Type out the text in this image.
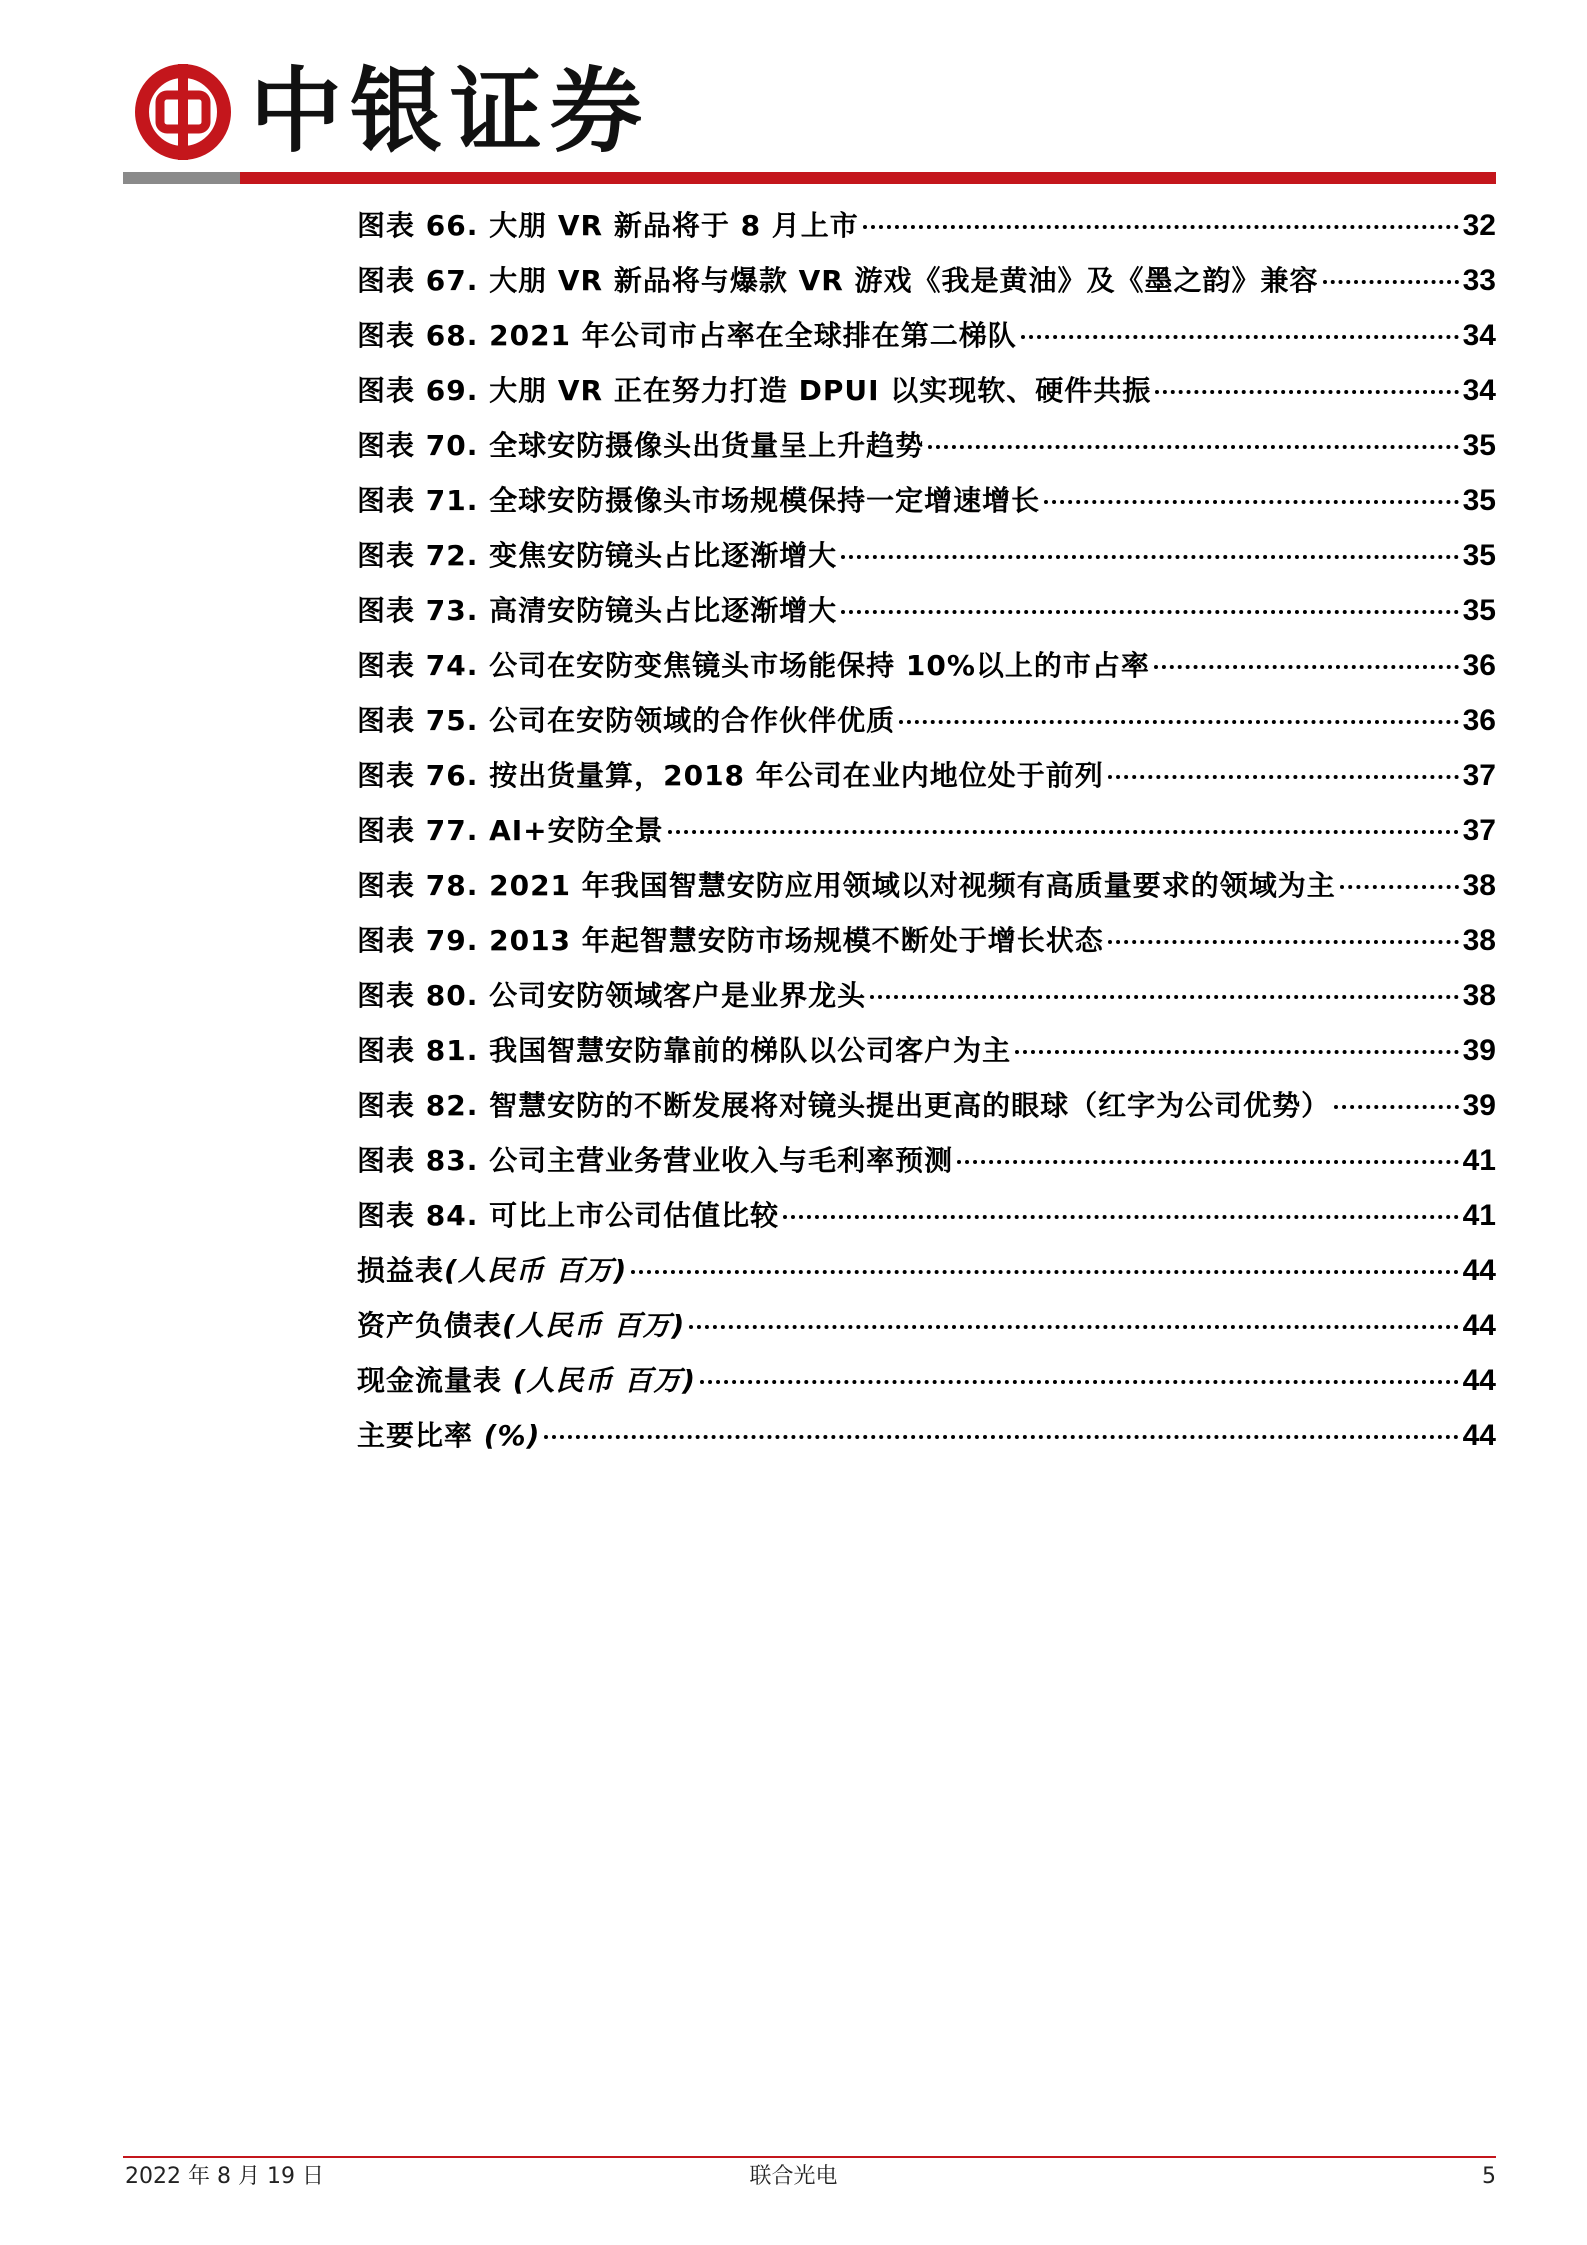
中银证券
图表 66. 大朋 VR 新品将于 8 月上市	32
图表 67. 大朋 VR 新品将与爆款 VR 游戏《我是黄油》及《墨之韵》兼容	33
图表 68. 2021 年公司市占率在全球排在第二梯队	34
图表 69. 大朋 VR 正在努力打造 DPUI 以实现软、硬件共振	34
图表 70. 全球安防摄像头出货量呈上升趋势	35
图表 71. 全球安防摄像头市场规模保持一定增速增长	35
图表 72. 变焦安防镜头占比逐渐增大	35
图表 73. 高清安防镜头占比逐渐增大	35
图表 74. 公司在安防变焦镜头市场能保持 10%以上的市占率	36
图表 75. 公司在安防领域的合作伙伴优质	36
图表 76. 按出货量算，2018 年公司在业内地位处于前列	37
图表 77. AI+安防全景	37
图表 78. 2021 年我国智慧安防应用领域以对视频有高质量要求的领域为主	38
图表 79. 2013 年起智慧安防市场规模不断处于增长状态	38
图表 80. 公司安防领域客户是业界龙头	38
图表 81. 我国智慧安防靠前的梯队以公司客户为主	39
图表 82. 智慧安防的不断发展将对镜头提出更高的眼球（红字为公司优势）	39
图表 83. 公司主营业务营业收入与毛利率预测	41
图表 84. 可比上市公司估值比较	41
损益表(人民币 百万)	44
资产负债表(人民币 百万)	44
现金流量表 (人民币 百万)	44
主要比率 (%)	44
2022 年 8 月 19 日	联合光电	5
